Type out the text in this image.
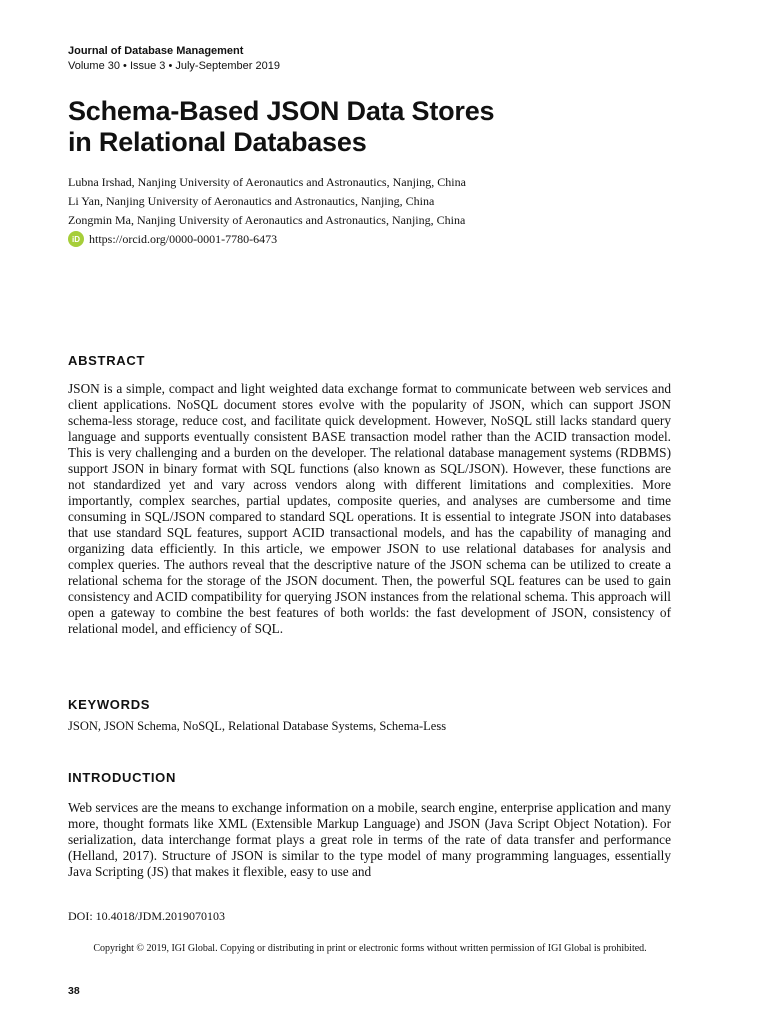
Journal of Database Management
Volume 30 • Issue 3 • July-September 2019
Schema-Based JSON Data Stores
in Relational Databases
Lubna Irshad, Nanjing University of Aeronautics and Astronautics, Nanjing, China
Li Yan, Nanjing University of Aeronautics and Astronautics, Nanjing, China
Zongmin Ma, Nanjing University of Aeronautics and Astronautics, Nanjing, China
iD https://orcid.org/0000-0001-7780-6473
ABSTRACT

JSON is a simple, compact and light weighted data exchange format to communicate between web services and client applications. NoSQL document stores evolve with the popularity of JSON, which can support JSON schema-less storage, reduce cost, and facilitate quick development. However, NoSQL still lacks standard query language and supports eventually consistent BASE transaction model rather than the ACID transaction model. This is very challenging and a burden on the developer. The relational database management systems (RDBMS) support JSON in binary format with SQL functions (also known as SQL/JSON). However, these functions are not standardized yet and vary across vendors along with different limitations and complexities. More importantly, complex searches, partial updates, composite queries, and analyses are cumbersome and time consuming in SQL/JSON compared to standard SQL operations. It is essential to integrate JSON into databases that use standard SQL features, support ACID transactional models, and has the capability of managing and organizing data efficiently. In this article, we empower JSON to use relational databases for analysis and complex queries. The authors reveal that the descriptive nature of the JSON schema can be utilized to create a relational schema for the storage of the JSON document. Then, the powerful SQL features can be used to gain consistency and ACID compatibility for querying JSON instances from the relational schema. This approach will open a gateway to combine the best features of both worlds: the fast development of JSON, consistency of relational model, and efficiency of SQL.

KEYWORDS

JSON, JSON Schema, NoSQL, Relational Database Systems, Schema-Less

INTRODUCTION

Web services are the means to exchange information on a mobile, search engine, enterprise application and many more, thought formats like XML (Extensible Markup Language) and JSON (Java Script Object Notation). For serialization, data interchange format plays a great role in terms of the rate of data transfer and performance (Helland, 2017). Structure of JSON is similar to the type model of many programming languages, essentially Java Scripting (JS) that makes it flexible, easy to use and

DOI: 10.4018/JDM.2019070103
Copyright © 2019, IGI Global. Copying or distributing in print or electronic forms without written permission of IGI Global is prohibited.
38
